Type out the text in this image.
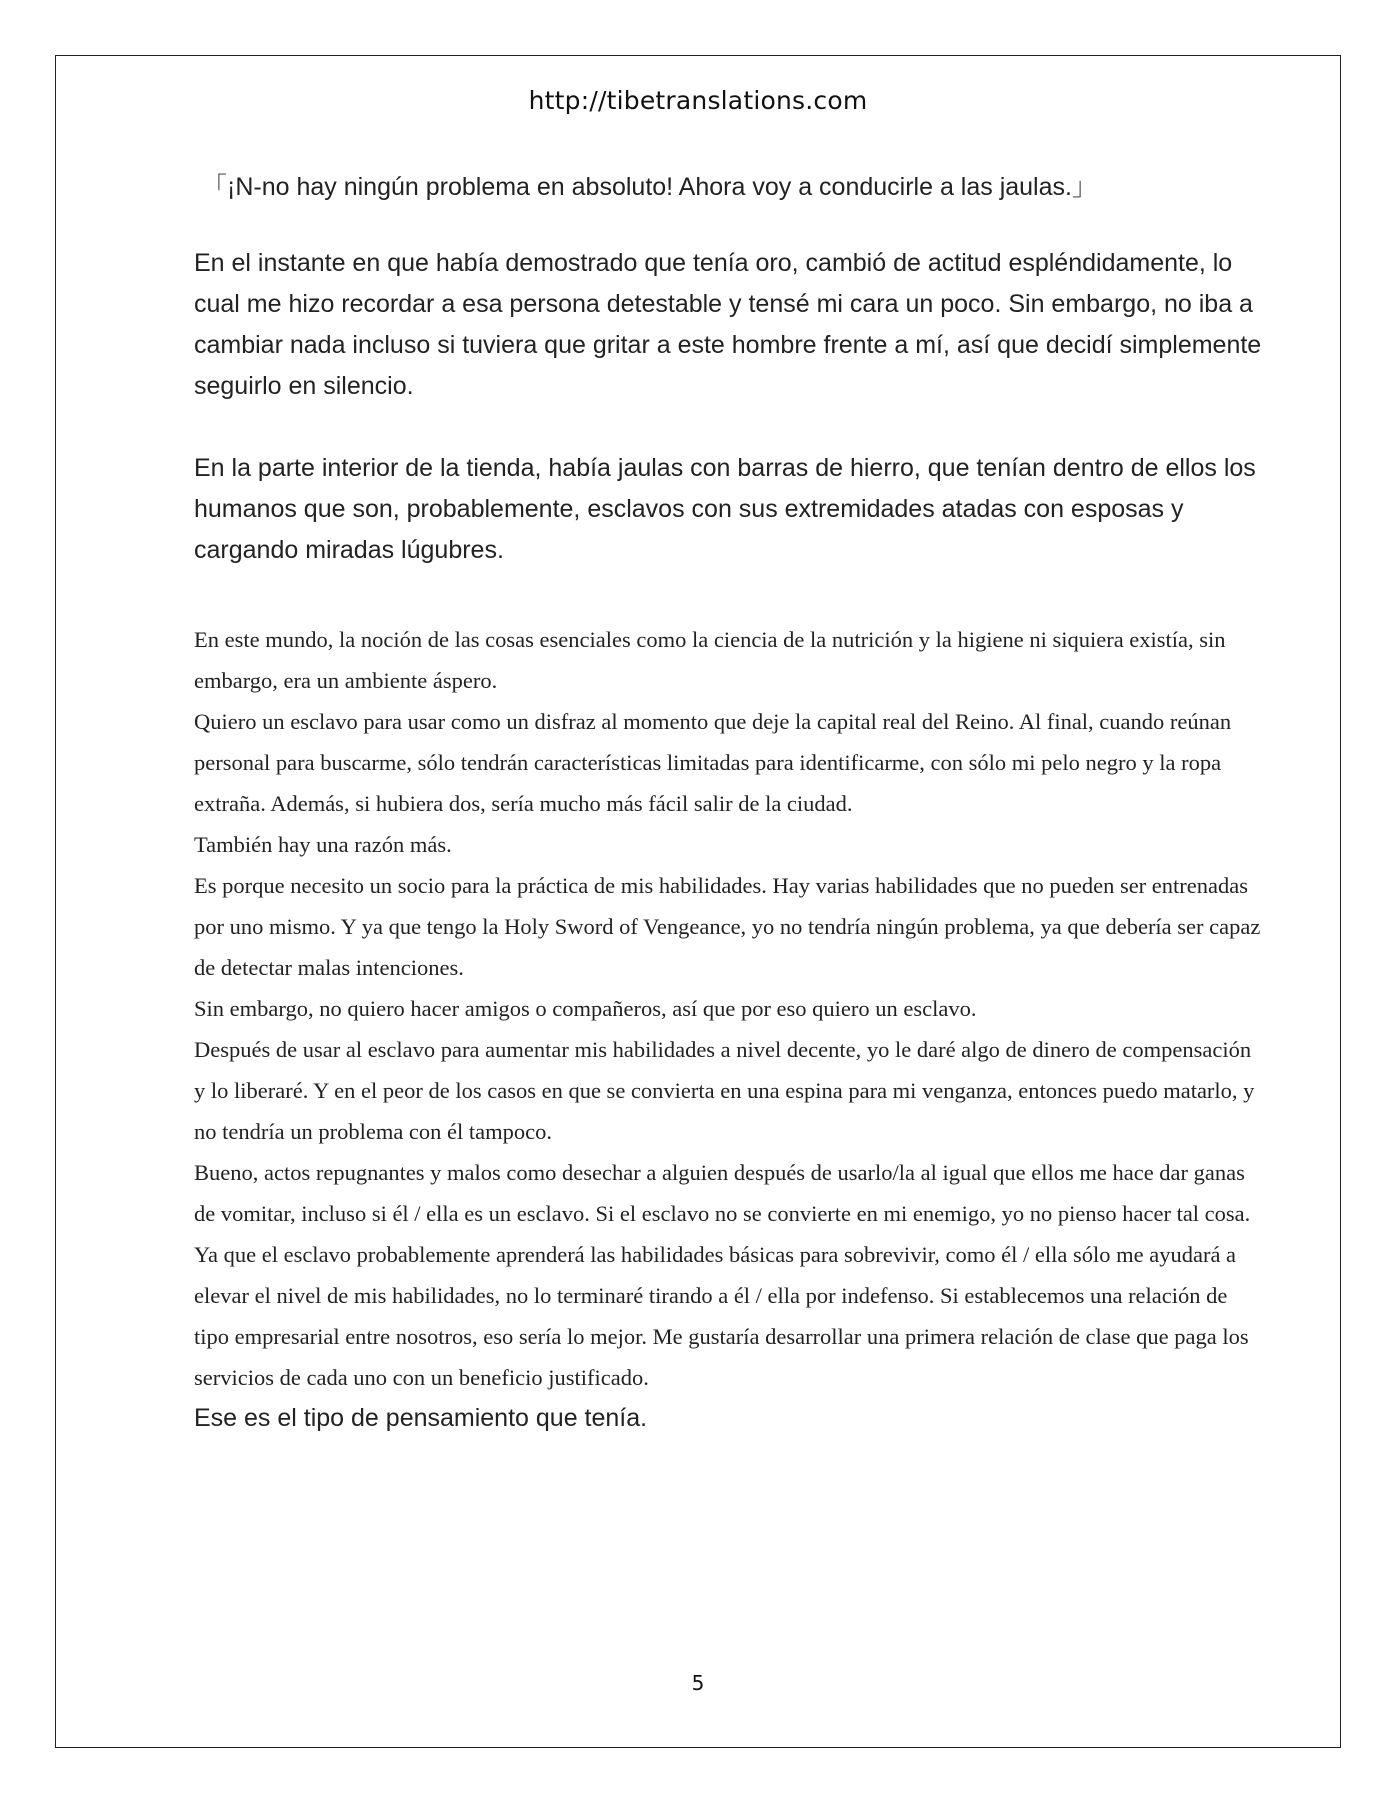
http://tibetranslations.com

「¡N-no hay ningún problema en absoluto! Ahora voy a conducirle a las jaulas.」

En el instante en que había demostrado que tenía oro, cambió de actitud espléndidamente, lo cual me hizo recordar a esa persona detestable y tensé mi cara un poco. Sin embargo, no iba a cambiar nada incluso si tuviera que gritar a este hombre frente a mí, así que decidí simplemente seguirlo en silencio.

En la parte interior de la tienda, había jaulas con barras de hierro, que tenían dentro de ellos los humanos que son, probablemente, esclavos con sus extremidades atadas con esposas y cargando miradas lúgubres.

En este mundo, la noción de las cosas esenciales como la ciencia de la nutrición y la higiene ni siquiera existía, sin embargo, era un ambiente áspero.

Quiero un esclavo para usar como un disfraz al momento que deje la capital real del Reino. Al final, cuando reúnan personal para buscarme, sólo tendrán características limitadas para identificarme, con sólo mi pelo negro y la ropa extraña. Además, si hubiera dos, sería mucho más fácil salir de la ciudad.

También hay una razón más.

Es porque necesito un socio para la práctica de mis habilidades. Hay varias habilidades que no pueden ser entrenadas por uno mismo. Y ya que tengo la Holy Sword of Vengeance, yo no tendría ningún problema, ya que debería ser capaz de detectar malas intenciones.

Sin embargo, no quiero hacer amigos o compañeros, así que por eso quiero un esclavo.

Después de usar al esclavo para aumentar mis habilidades a nivel decente, yo le daré algo de dinero de compensación y lo liberaré. Y en el peor de los casos en que se convierta en una espina para mi venganza, entonces puedo matarlo, y no tendría un problema con él tampoco.

Bueno, actos repugnantes y malos como desechar a alguien después de usarlo/la al igual que ellos me hace dar ganas de vomitar, incluso si él / ella es un esclavo. Si el esclavo no se convierte en mi enemigo, yo no pienso hacer tal cosa.

Ya que el esclavo probablemente aprenderá las habilidades básicas para sobrevivir, como él / ella sólo me ayudará a elevar el nivel de mis habilidades, no lo terminaré tirando a él / ella por indefenso. Si establecemos una relación de tipo empresarial entre nosotros, eso sería lo mejor. Me gustaría desarrollar una primera relación de clase que paga los servicios de cada uno con un beneficio justificado.

Ese es el tipo de pensamiento que tenía.

5
